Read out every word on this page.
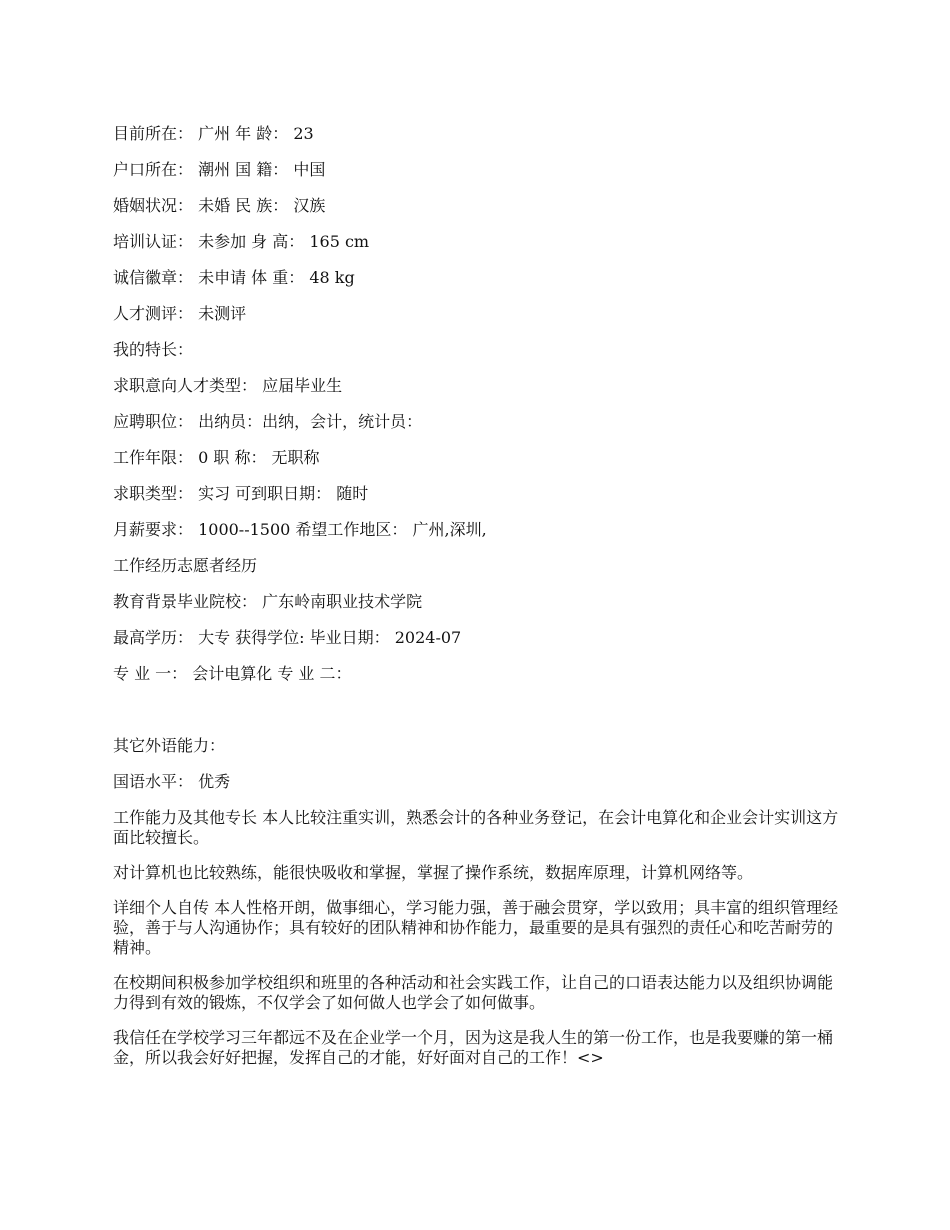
目前所在： 广州 年 龄： 23
户口所在： 潮州 国 籍： 中国
婚姻状况： 未婚 民 族： 汉族
培训认证： 未参加 身 高： 165 cm
诚信徽章： 未申请 体 重： 48 kg
人才测评： 未测评
我的特长：
求职意向人才类型： 应届毕业生
应聘职位： 出纳员：出纳，会计，统计员：
工作年限： 0 职 称： 无职称
求职类型： 实习 可到职日期： 随时
月薪要求： 1000--1500 希望工作地区： 广州,深圳,
工作经历志愿者经历
教育背景毕业院校： 广东岭南职业技术学院
最高学历： 大专 获得学位: 毕业日期： 2024-07
专 业 一： 会计电算化 专 业 二：
其它外语能力：
国语水平： 优秀
工作能力及其他专长 本人比较注重实训，熟悉会计的各种业务登记，在会计电算化和企业会计实训这方面比较擅长。
对计算机也比较熟练，能很快吸收和掌握，掌握了操作系统，数据库原理，计算机网络等。
详细个人自传 本人性格开朗，做事细心，学习能力强，善于融会贯穿，学以致用；具丰富的组织管理经验，善于与人沟通协作；具有较好的团队精神和协作能力，最重要的是具有强烈的责任心和吃苦耐劳的精神。
在校期间积极参加学校组织和班里的各种活动和社会实践工作，让自己的口语表达能力以及组织协调能力得到有效的锻炼，不仅学会了如何做人也学会了如何做事。
我信任在学校学习三年都远不及在企业学一个月，因为这是我人生的第一份工作，也是我要赚的第一桶金，所以我会好好把握，发挥自己的才能，好好面对自己的工作！<>
